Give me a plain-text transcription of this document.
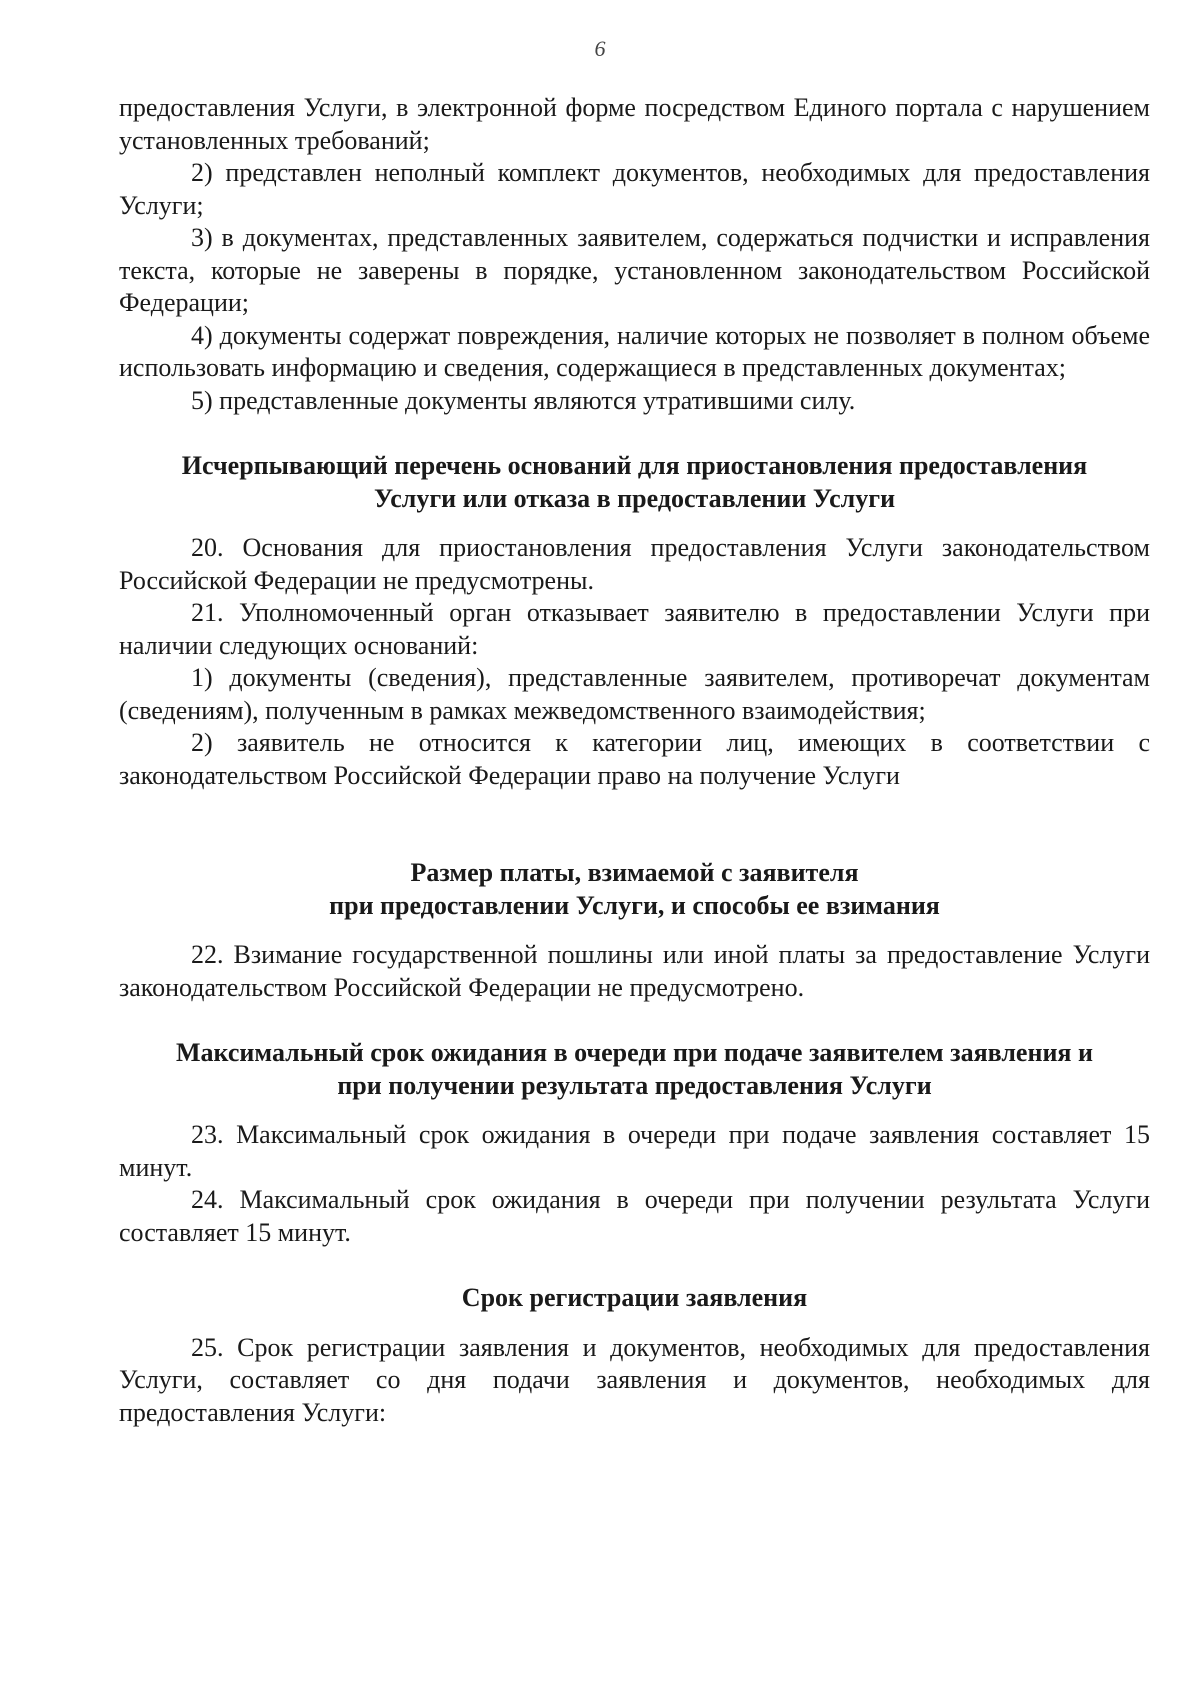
6

предоставления Услуги, в электронной форме посредством Единого портала с нарушением установленных требований;

2) представлен неполный комплект документов, необходимых для предоставления Услуги;

3) в документах, представленных заявителем, содержаться подчистки и исправления текста, которые не заверены в порядке, установленном законодательством Российской Федерации;

4) документы содержат повреждения, наличие которых не позволяет в полном объеме использовать информацию и сведения, содержащиеся в представленных документах;

5) представленные документы являются утратившими силу.

Исчерпывающий перечень оснований для приостановления предоставления
Услуги или отказа в предоставлении Услуги

20. Основания для приостановления предоставления Услуги законодательством Российской Федерации не предусмотрены.

21. Уполномоченный орган отказывает заявителю в предоставлении Услуги при наличии следующих оснований:

1) документы (сведения), представленные заявителем, противоречат документам (сведениям), полученным в рамках межведомственного взаимодействия;

2) заявитель не относится к категории лиц, имеющих в соответствии с законодательством Российской Федерации право на получение Услуги

Размер платы, взимаемой с заявителя
при предоставлении Услуги, и способы ее взимания

22. Взимание государственной пошлины или иной платы за предоставление Услуги законодательством Российской Федерации не предусмотрено.

Максимальный срок ожидания в очереди при подаче заявителем заявления и
при получении результата предоставления Услуги

23. Максимальный срок ожидания в очереди при подаче заявления составляет 15 минут.

24. Максимальный срок ожидания в очереди при получении результата Услуги составляет 15 минут.

Срок регистрации заявления

25. Срок регистрации заявления и документов, необходимых для предоставления Услуги, составляет со дня подачи заявления и документов, необходимых для предоставления Услуги:
